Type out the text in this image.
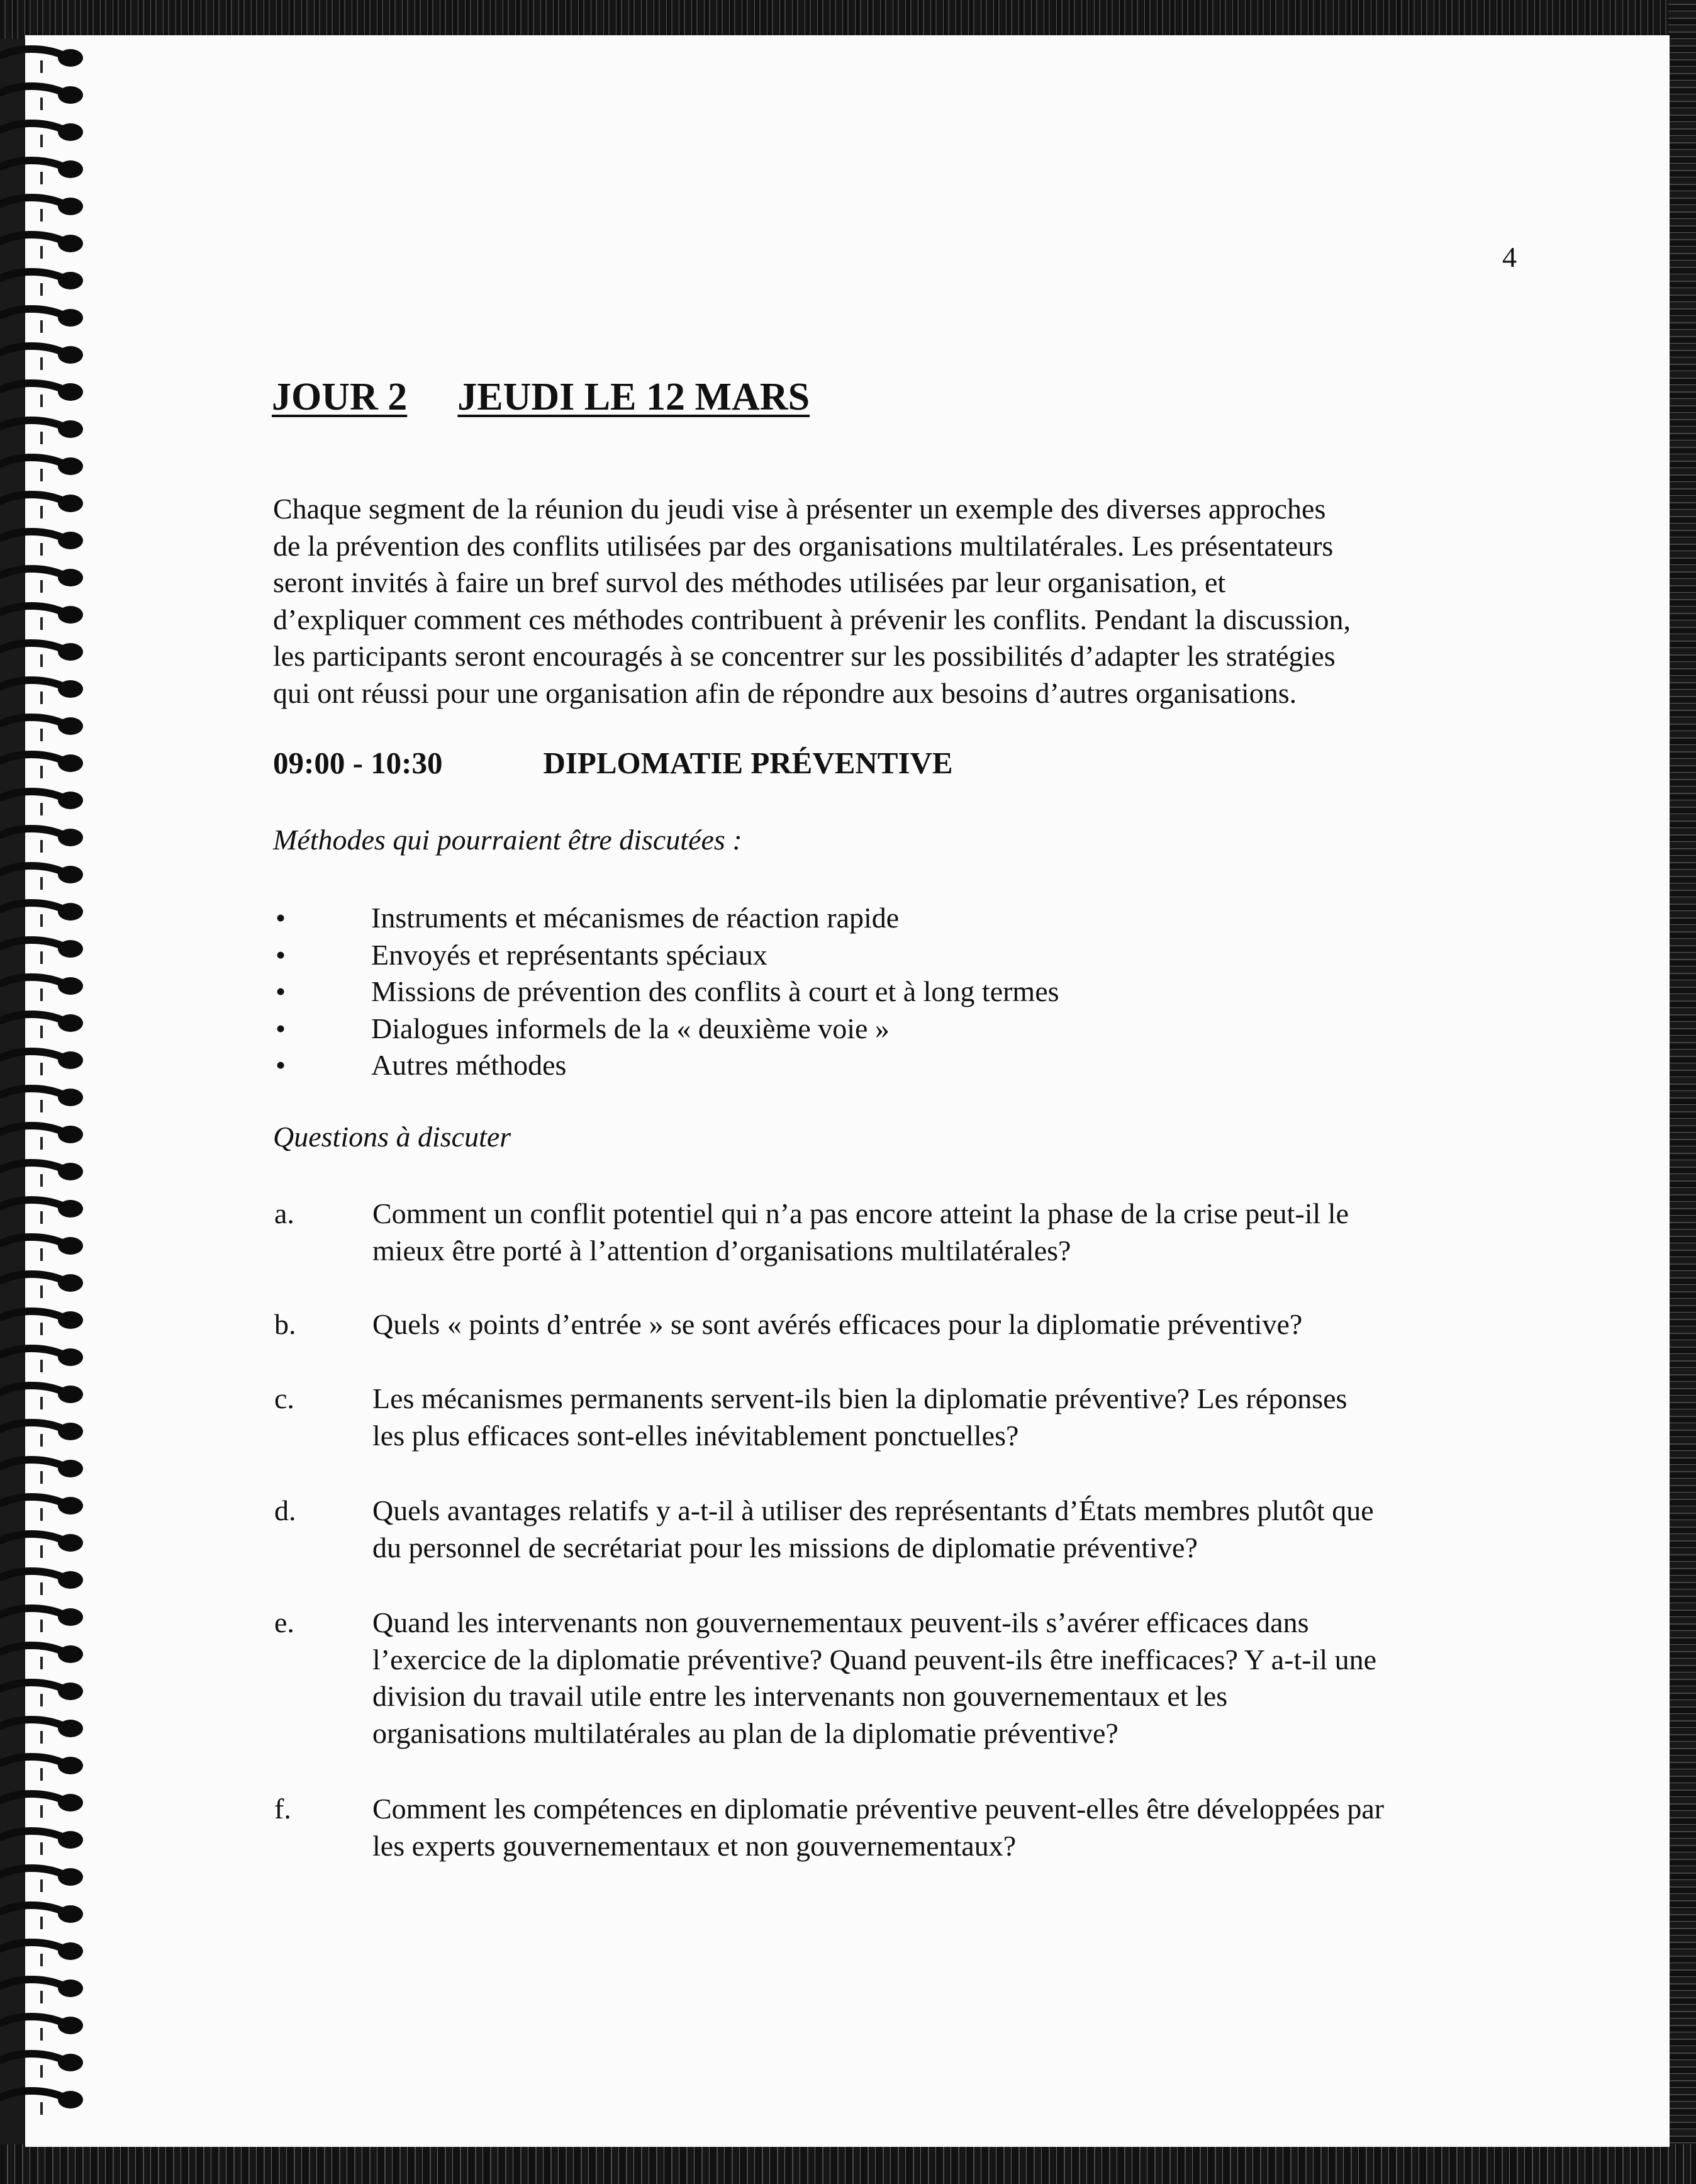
4
JOUR 2 JEUDI LE 12 MARS

Chaque segment de la réunion du jeudi vise à présenter un exemple des diverses approches

de la prévention des conflits utilisées par des organisations multilatérales. Les présentateurs

seront invités à faire un bref survol des méthodes utilisées par leur organisation, et

d’expliquer comment ces méthodes contribuent à prévenir les conflits. Pendant la discussion,

les participants seront encouragés à se concentrer sur les possibilités d’adapter les stratégies

qui ont réussi pour une organisation afin de répondre aux besoins d’autres organisations.

09:00 - 10:30	DIPLOMATIE PRÉVENTIVE
Méthodes qui pourraient être discutées :
•	Instruments et mécanismes de réaction rapide
•	Envoyés et représentants spéciaux
•	Missions de prévention des conflits à court et à long termes
•	Dialogues informels de la « deuxième voie »
•	Autres méthodes
Questions à discuter
a.	Comment un conflit potentiel qui n’a pas encore atteint la phase de la crise peut-il le

mieux être porté à l’attention d’organisations multilatérales?

b.	Quels « points d’entrée » se sont avérés efficaces pour la diplomatie préventive?

c.	Les mécanismes permanents servent-ils bien la diplomatie préventive? Les réponses

les plus efficaces sont-elles inévitablement ponctuelles?

d.	Quels avantages relatifs y a-t-il à utiliser des représentants d’États membres plutôt que

du personnel de secrétariat pour les missions de diplomatie préventive?

e.	Quand les intervenants non gouvernementaux peuvent-ils s’avérer efficaces dans

l’exercice de la diplomatie préventive? Quand peuvent-ils être inefficaces? Y a-t-il une

division du travail utile entre les intervenants non gouvernementaux et les

organisations multilatérales au plan de la diplomatie préventive?

f.	Comment les compétences en diplomatie préventive peuvent-elles être développées par

les experts gouvernementaux et non gouvernementaux?
